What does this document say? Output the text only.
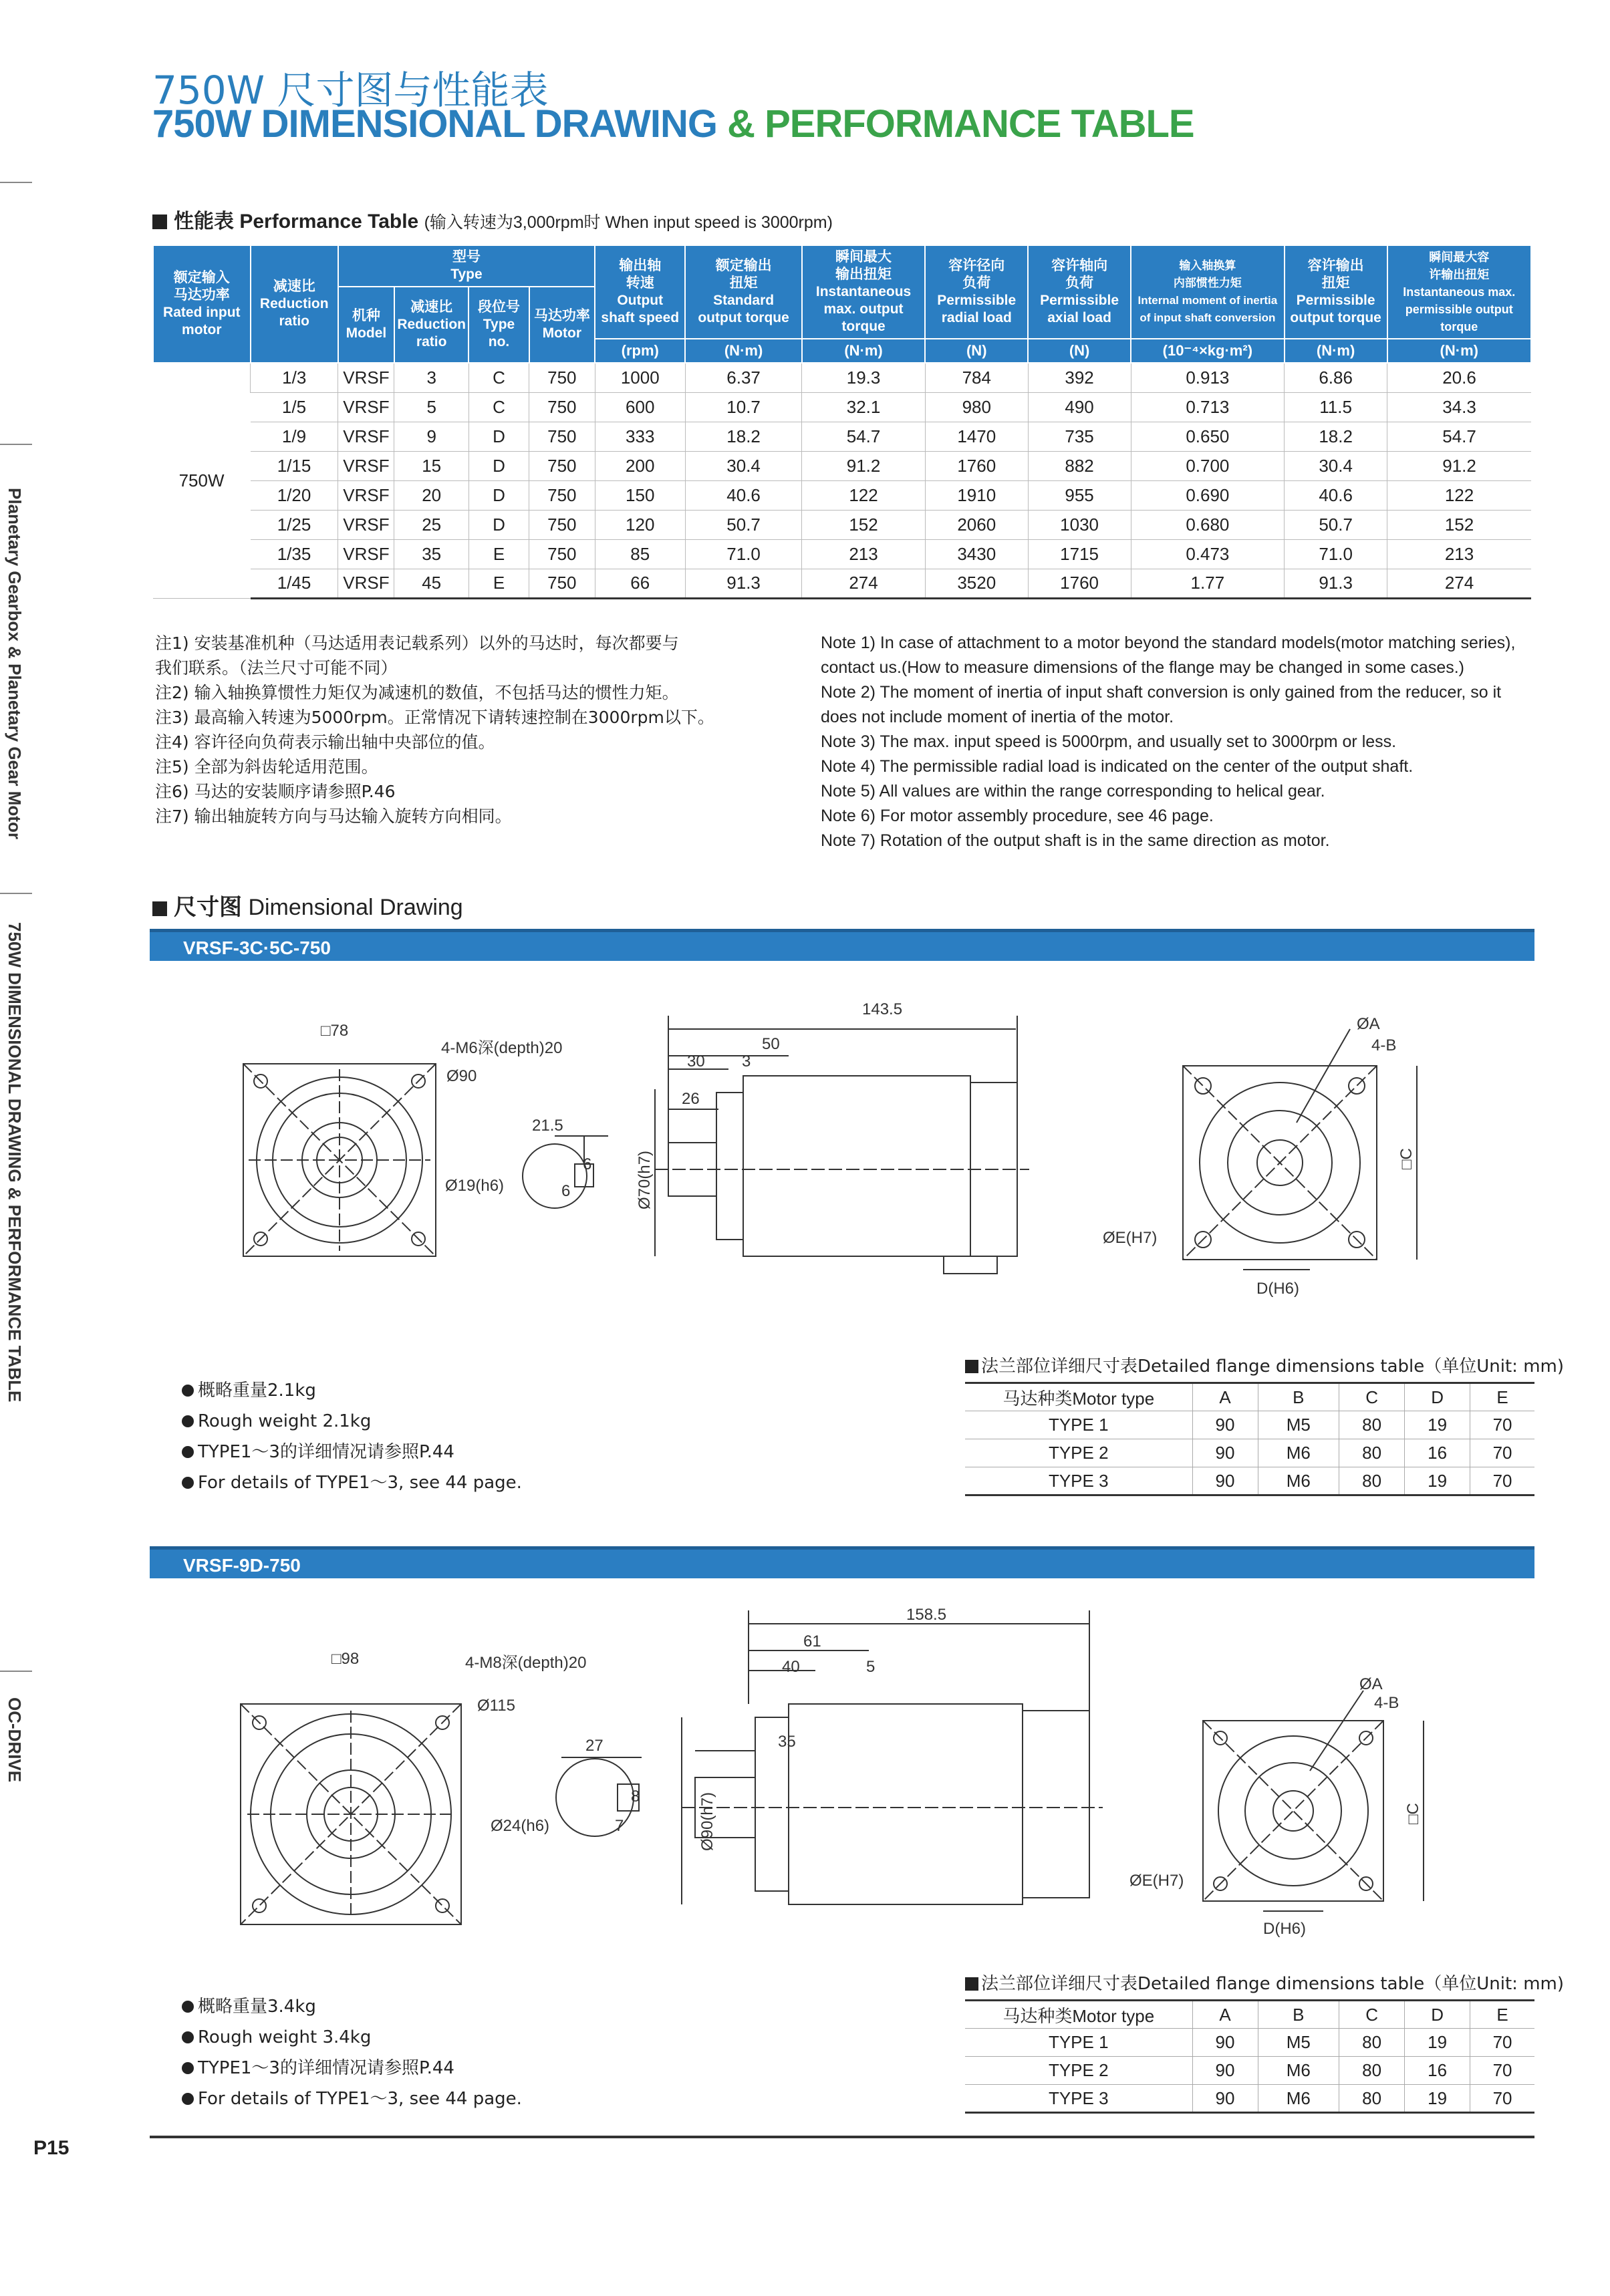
750W 尺寸图与性能表
750W DIMENSIONAL DRAWING & PERFORMANCE TABLE
Planetary Gearbox & Planetary Gear Motor
750W DIMENSIONAL DRAWING & PERFORMANCE TABLE
OC-DRIVE
性能表 Performance Table (输入转速为3,000rpm时 When input speed is 3000rpm)
额定输入
马达功率
Rated input
motor	减速比
Reduction
ratio	型号
Type				输出轴
转速
Output
shaft speed	额定输出
扭矩
Standard
output torque	瞬间最大
输出扭矩
Instantaneous
max. output torque	容许径向
负荷
Permissible
radial load	容许轴向
负荷
Permissible
axial load	输入轴换算
内部惯性力矩
Internal moment of inertia
of input shaft conversion	容许输出
扭矩
Permissible
output torque	瞬间最大容
许输出扭矩
Instantaneous max.
permissible output torque
		机种
Model	减速比
Reduction
ratio	段位号
Type no.	马达功率
Motor								
						(rpm)	(N·m)	(N·m)	(N)	(N)	(10⁻⁴×kg·m²)	(N·m)	(N·m)
750W	1/3	VRSF	3	C	750	1000	6.37	19.3	784	392	0.913	6.86	20.6
	1/5	VRSF	5	C	750	600	10.7	32.1	980	490	0.713	11.5	34.3
	1/9	VRSF	9	D	750	333	18.2	54.7	1470	735	0.650	18.2	54.7
	1/15	VRSF	15	D	750	200	30.4	91.2	1760	882	0.700	30.4	91.2
	1/20	VRSF	20	D	750	150	40.6	122	1910	955	0.690	40.6	122
	1/25	VRSF	25	D	750	120	50.7	152	2060	1030	0.680	50.7	152
	1/35	VRSF	35	E	750	85	71.0	213	3430	1715	0.473	71.0	213
	1/45	VRSF	45	E	750	66	91.3	274	3520	1760	1.77	91.3	274
注1) 安装基准机种（马达适用表记载系列）以外的马达时，每次都要与
我们联系。（法兰尺寸可能不同）
注2) 输入轴换算惯性力矩仅为减速机的数值，不包括马达的惯性力矩。
注3) 最高输入转速为5000rpm。正常情况下请转速控制在3000rpm以下。
注4) 容许径向负荷表示输出轴中央部位的值。
注5) 全部为斜齿轮适用范围。
注6) 马达的安装顺序请参照P.46
注7) 输出轴旋转方向与马达输入旋转方向相同。
Note 1) In case of attachment to a motor beyond the standard models(motor matching series),
contact us.(How to measure dimensions of the flange may be changed in some cases.)
Note 2) The moment of inertia of input shaft conversion is only gained from the reducer, so it
does not include moment of inertia of the motor.
Note 3) The max. input speed is 5000rpm, and usually set to 3000rpm or less.
Note 4) The permissible radial load is indicated on the center of the output shaft.
Note 5) All values are within the range corresponding to helical gear.
Note 6) For motor assembly procedure, see 46 page.
Note 7) Rotation of the output shaft is in the same direction as motor.
尺寸图 Dimensional Drawing
VRSF-3C·5C-750
□78
4-M6深(depth)20
Ø90
21.5
Ø19(h6)
6
6
143.5
50
30 3
26
Ø70(h7)
ØA
4-B
□C
ØE(H7)
D(H6)
概略重量2.1kg
Rough weight 2.1kg
TYPE1～3的详细情况请参照P.44
For details of TYPE1～3, see 44 page.
法兰部位详细尺寸表Detailed flange dimensions table（单位Unit: mm)
马达种类Motor type	A	B	C	D	E
TYPE 1	90	M5	80	19	70
TYPE 2	90	M6	80	16	70
TYPE 3	90	M6	80	19	70
VRSF-9D-750
□98	4-M8深(depth)20
Ø115
27
Ø24(h6)
8
7
158.5
61
40	5
35
Ø90(h7)
ØA
4-B
□C
ØE(H7)
D(H6)
概略重量3.4kg
Rough weight 3.4kg
TYPE1～3的详细情况请参照P.44
For details of TYPE1～3, see 44 page.
法兰部位详细尺寸表Detailed flange dimensions table（单位Unit: mm)
马达种类Motor type	A	B	C	D	E
TYPE 1	90	M5	80	19	70
TYPE 2	90	M6	80	16	70
TYPE 3	90	M6	80	19	70
P15
